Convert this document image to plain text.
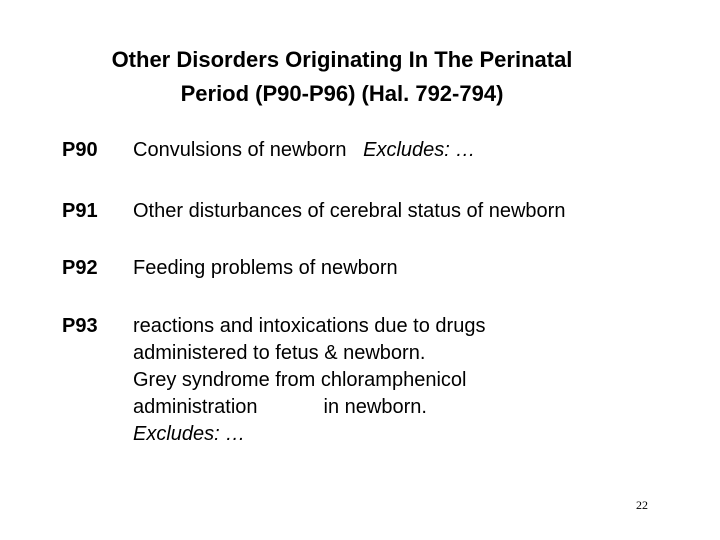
Other Disorders Originating In The Perinatal
Period (P90-P96) (Hal. 792-794)
P90 Convulsions of newborn Excludes: …
P91 Other disturbances of cerebral status of newborn
P92 Feeding problems of newborn
P93 reactions and intoxications due to drugs
administered to fetus & newborn.
Grey syndrome from chloramphenicol
administration	in newborn.
Excludes: …
22
